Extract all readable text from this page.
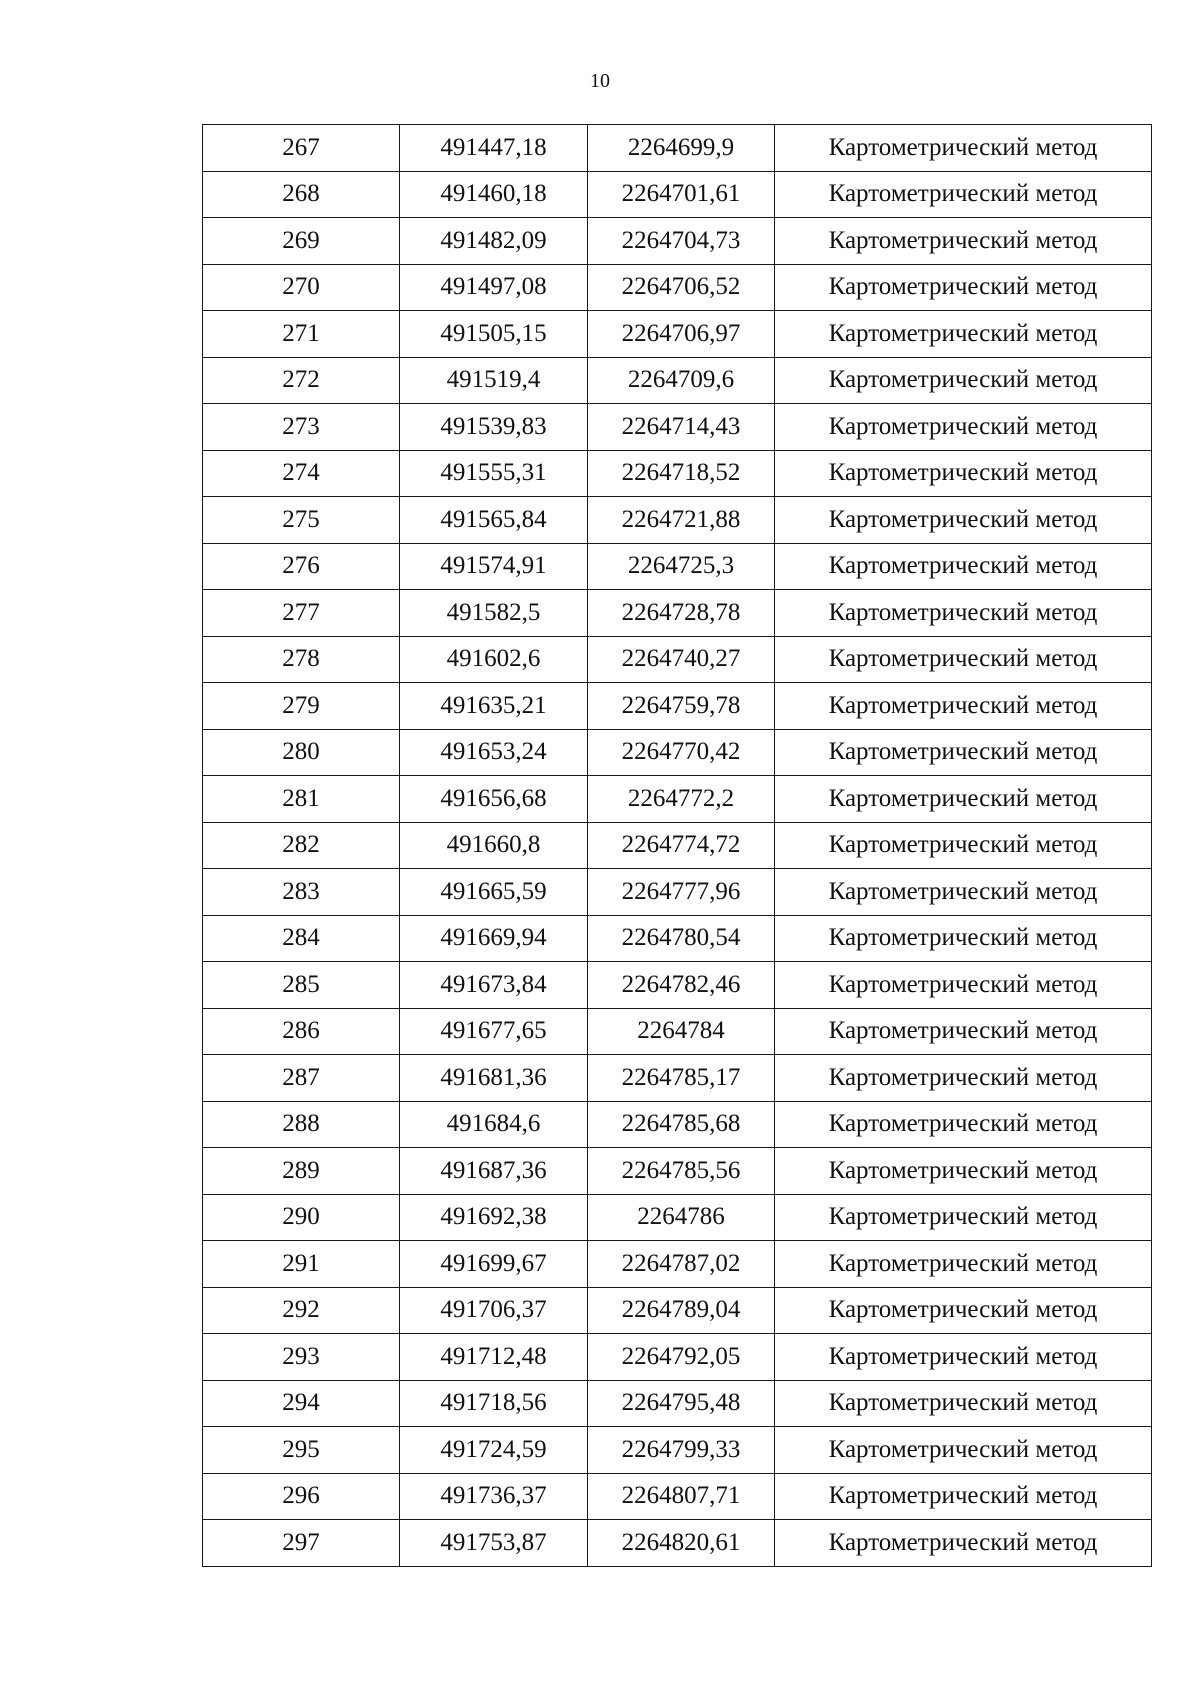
10
267	491447,18	2264699,9	Картометрический метод
268	491460,18	2264701,61	Картометрический метод
269	491482,09	2264704,73	Картометрический метод
270	491497,08	2264706,52	Картометрический метод
271	491505,15	2264706,97	Картометрический метод
272	491519,4	2264709,6	Картометрический метод
273	491539,83	2264714,43	Картометрический метод
274	491555,31	2264718,52	Картометрический метод
275	491565,84	2264721,88	Картометрический метод
276	491574,91	2264725,3	Картометрический метод
277	491582,5	2264728,78	Картометрический метод
278	491602,6	2264740,27	Картометрический метод
279	491635,21	2264759,78	Картометрический метод
280	491653,24	2264770,42	Картометрический метод
281	491656,68	2264772,2	Картометрический метод
282	491660,8	2264774,72	Картометрический метод
283	491665,59	2264777,96	Картометрический метод
284	491669,94	2264780,54	Картометрический метод
285	491673,84	2264782,46	Картометрический метод
286	491677,65	2264784	Картометрический метод
287	491681,36	2264785,17	Картометрический метод
288	491684,6	2264785,68	Картометрический метод
289	491687,36	2264785,56	Картометрический метод
290	491692,38	2264786	Картометрический метод
291	491699,67	2264787,02	Картометрический метод
292	491706,37	2264789,04	Картометрический метод
293	491712,48	2264792,05	Картометрический метод
294	491718,56	2264795,48	Картометрический метод
295	491724,59	2264799,33	Картометрический метод
296	491736,37	2264807,71	Картометрический метод
297	491753,87	2264820,61	Картометрический метод
